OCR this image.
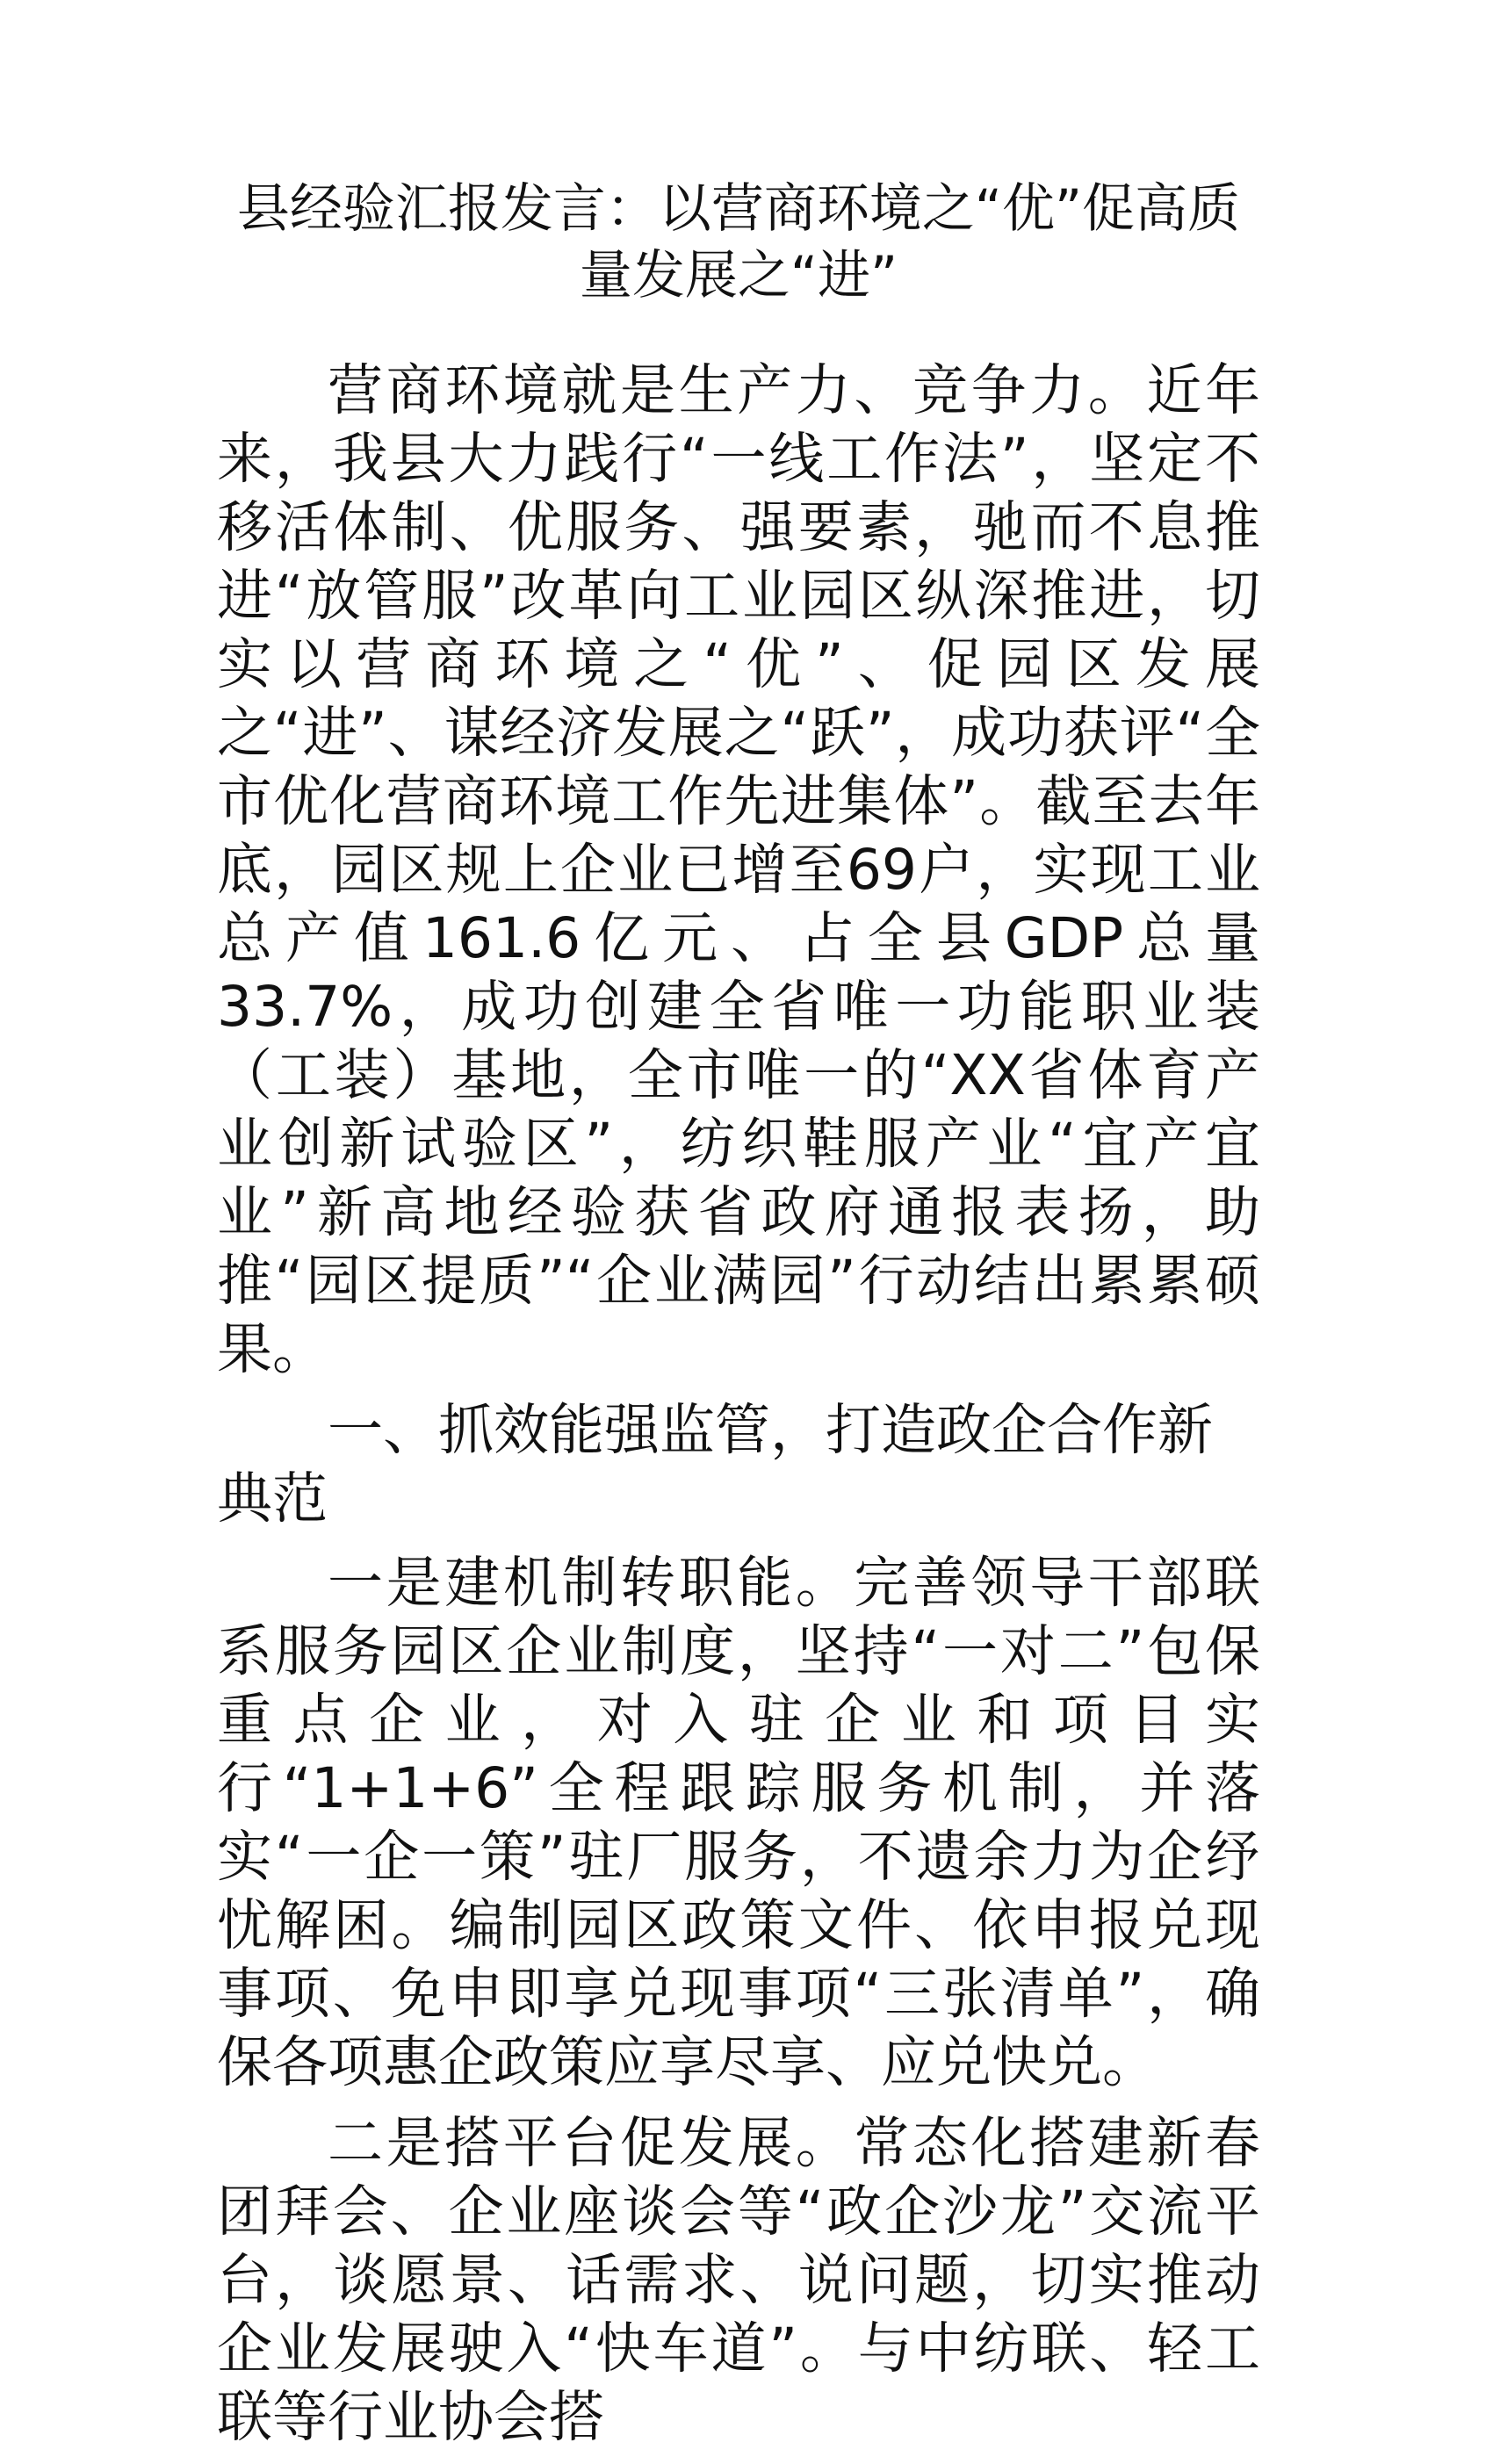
县经验汇报发言：以营商环境之“优”促高质量发展之“进”

营商环境就是生产力、竞争力。近年来，我县大力践行“一线工作法”，坚定不移活体制、优服务、强要素，驰而不息推进“放管服”改革向工业园区纵深推进，切实以营商环境之“优”、促园区发展之“进”、谋经济发展之“跃”，成功获评“全市优化营商环境工作先进集体”。截至去年底，园区规上企业已增至69户，实现工业总产值161.6亿元、占全县GDP总量33.7%，成功创建全省唯一功能职业装（工装）基地，全市唯一的“XX省体育产业创新试验区”，纺织鞋服产业“宜产宜业”新高地经验获省政府通报表扬，助推“园区提质”“企业满园”行动结出累累硕果。

一、抓效能强监管，打造政企合作新典范

一是建机制转职能。完善领导干部联系服务园区企业制度，坚持“一对二”包保重点企业，对入驻企业和项目实行“1+1+6”全程跟踪服务机制，并落实“一企一策”驻厂服务，不遗余力为企纾忧解困。编制园区政策文件、依申报兑现事项、免申即享兑现事项“三张清单”，确保各项惠企政策应享尽享、应兑快兑。

二是搭平台促发展。常态化搭建新春团拜会、企业座谈会等“政企沙龙”交流平台，谈愿景、话需求、说问题，切实推动企业发展驶入“快车道”。与中纺联、轻工联等行业协会搭
